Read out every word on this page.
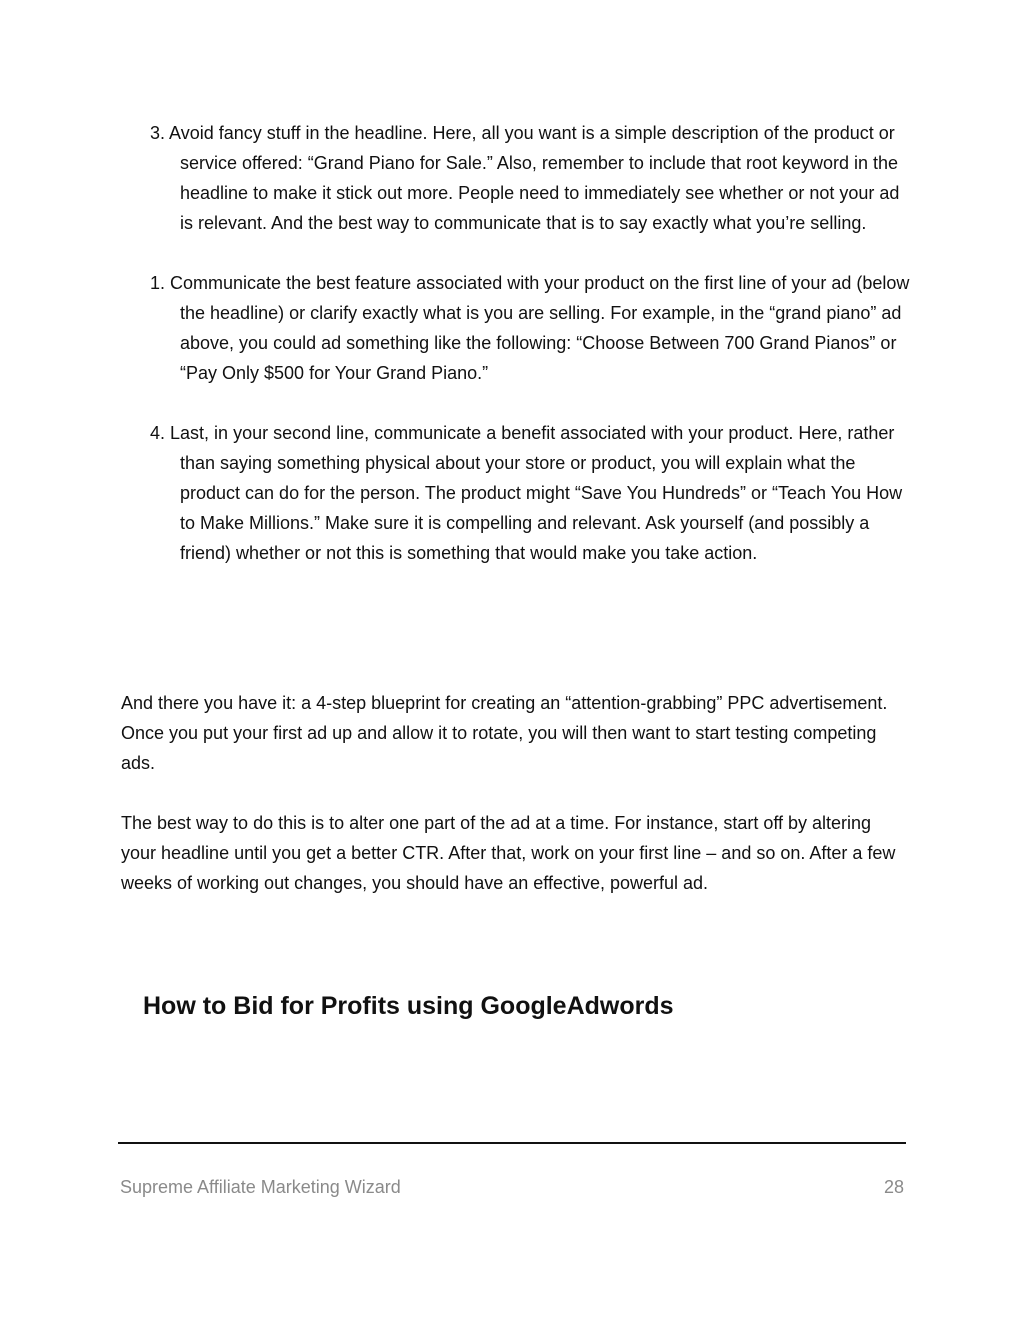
3. Avoid fancy stuff in the headline. Here, all you want is a simple description of the product or service offered: “Grand Piano for Sale.” Also, remember to include that root keyword in the headline to make it stick out more. People need to immediately see whether or not your ad is relevant. And the best way to communicate that is to say exactly what you’re selling.

1. Communicate the best feature associated with your product on the first line of your ad (below the headline) or clarify exactly what is you are selling. For example, in the “grand piano” ad above, you could ad something like the following: “Choose Between 700 Grand Pianos” or “Pay Only $500 for Your Grand Piano.”

4. Last, in your second line, communicate a benefit associated with your product. Here, rather than saying something physical about your store or product, you will explain what the product can do for the person. The product might “Save You Hundreds” or “Teach You How to Make Millions.” Make sure it is compelling and relevant. Ask yourself (and possibly a friend) whether or not this is something that would make you take action.

And there you have it: a 4-step blueprint for creating an “attention-grabbing” PPC advertisement. Once you put your first ad up and allow it to rotate, you will then want to start testing competing ads.

The best way to do this is to alter one part of the ad at a time. For instance, start off by altering your headline until you get a better CTR. After that, work on your first line – and so on. After a few weeks of working out changes, you should have an effective, powerful ad.

How to Bid for Profits using GoogleAdwords
Supreme Affiliate Marketing Wizard	28
